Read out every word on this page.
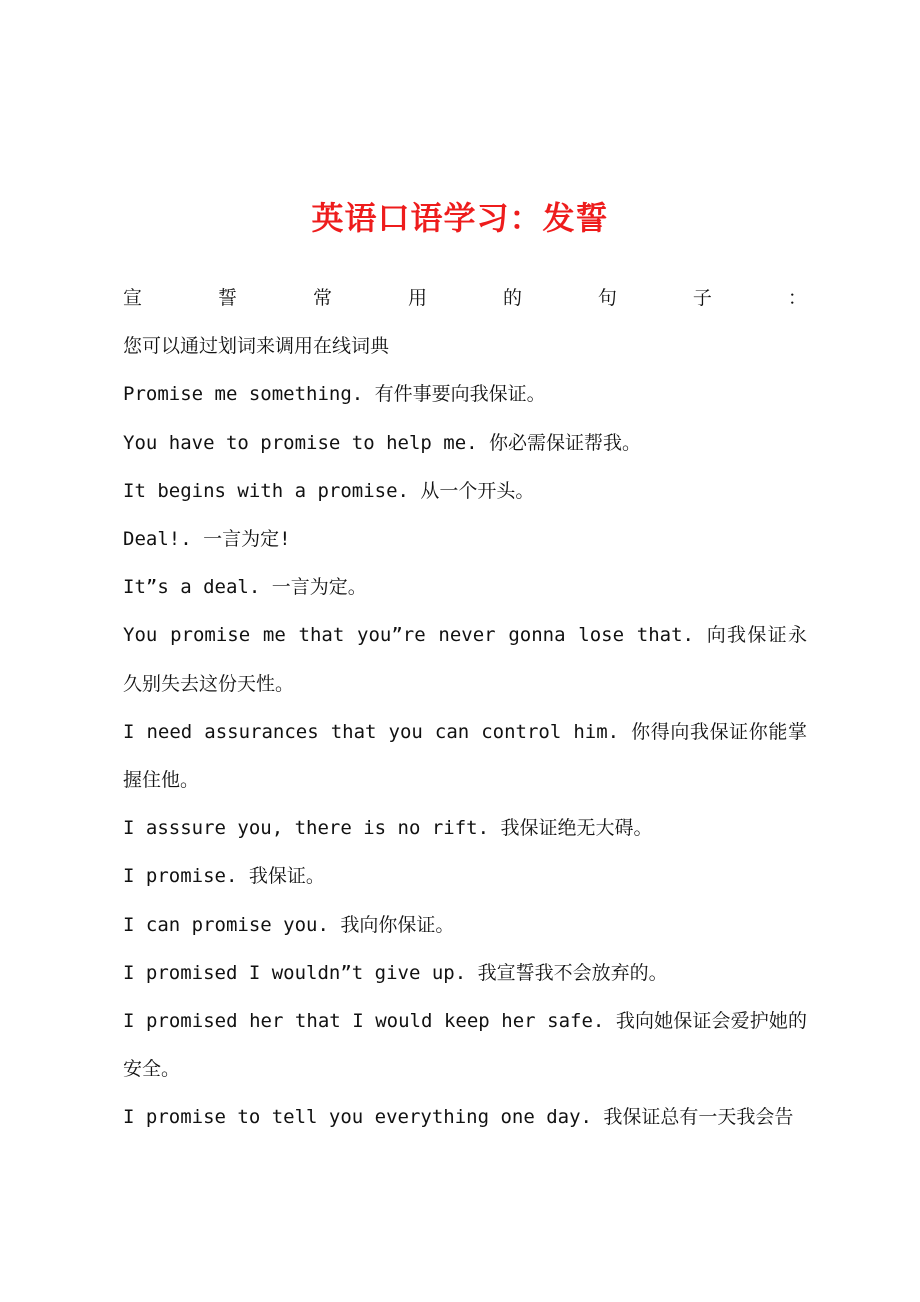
英语口语学习：发誓
宣	誓	常	用	的	句	子	：

您可以通过划词来调用在线词典

Promise me something. 有件事要向我保证。

You have to promise to help me. 你必需保证帮我。

It begins with a promise. 从一个开头。

Deal!. 一言为定!

It”s a deal. 一言为定。

You promise me that you”re never gonna lose that. 向我保证永久别失去这份天性。

I need assurances that you can control him. 你得向我保证你能掌握住他。

I asssure you, there is no rift. 我保证绝无大碍。

I promise. 我保证。

I can promise you. 我向你保证。

I promised I wouldn”t give up. 我宣誓我不会放弃的。

I promised her that I would keep her safe. 我向她保证会爱护她的安全。

I promise to tell you everything one day. 我保证总有一天我会告
